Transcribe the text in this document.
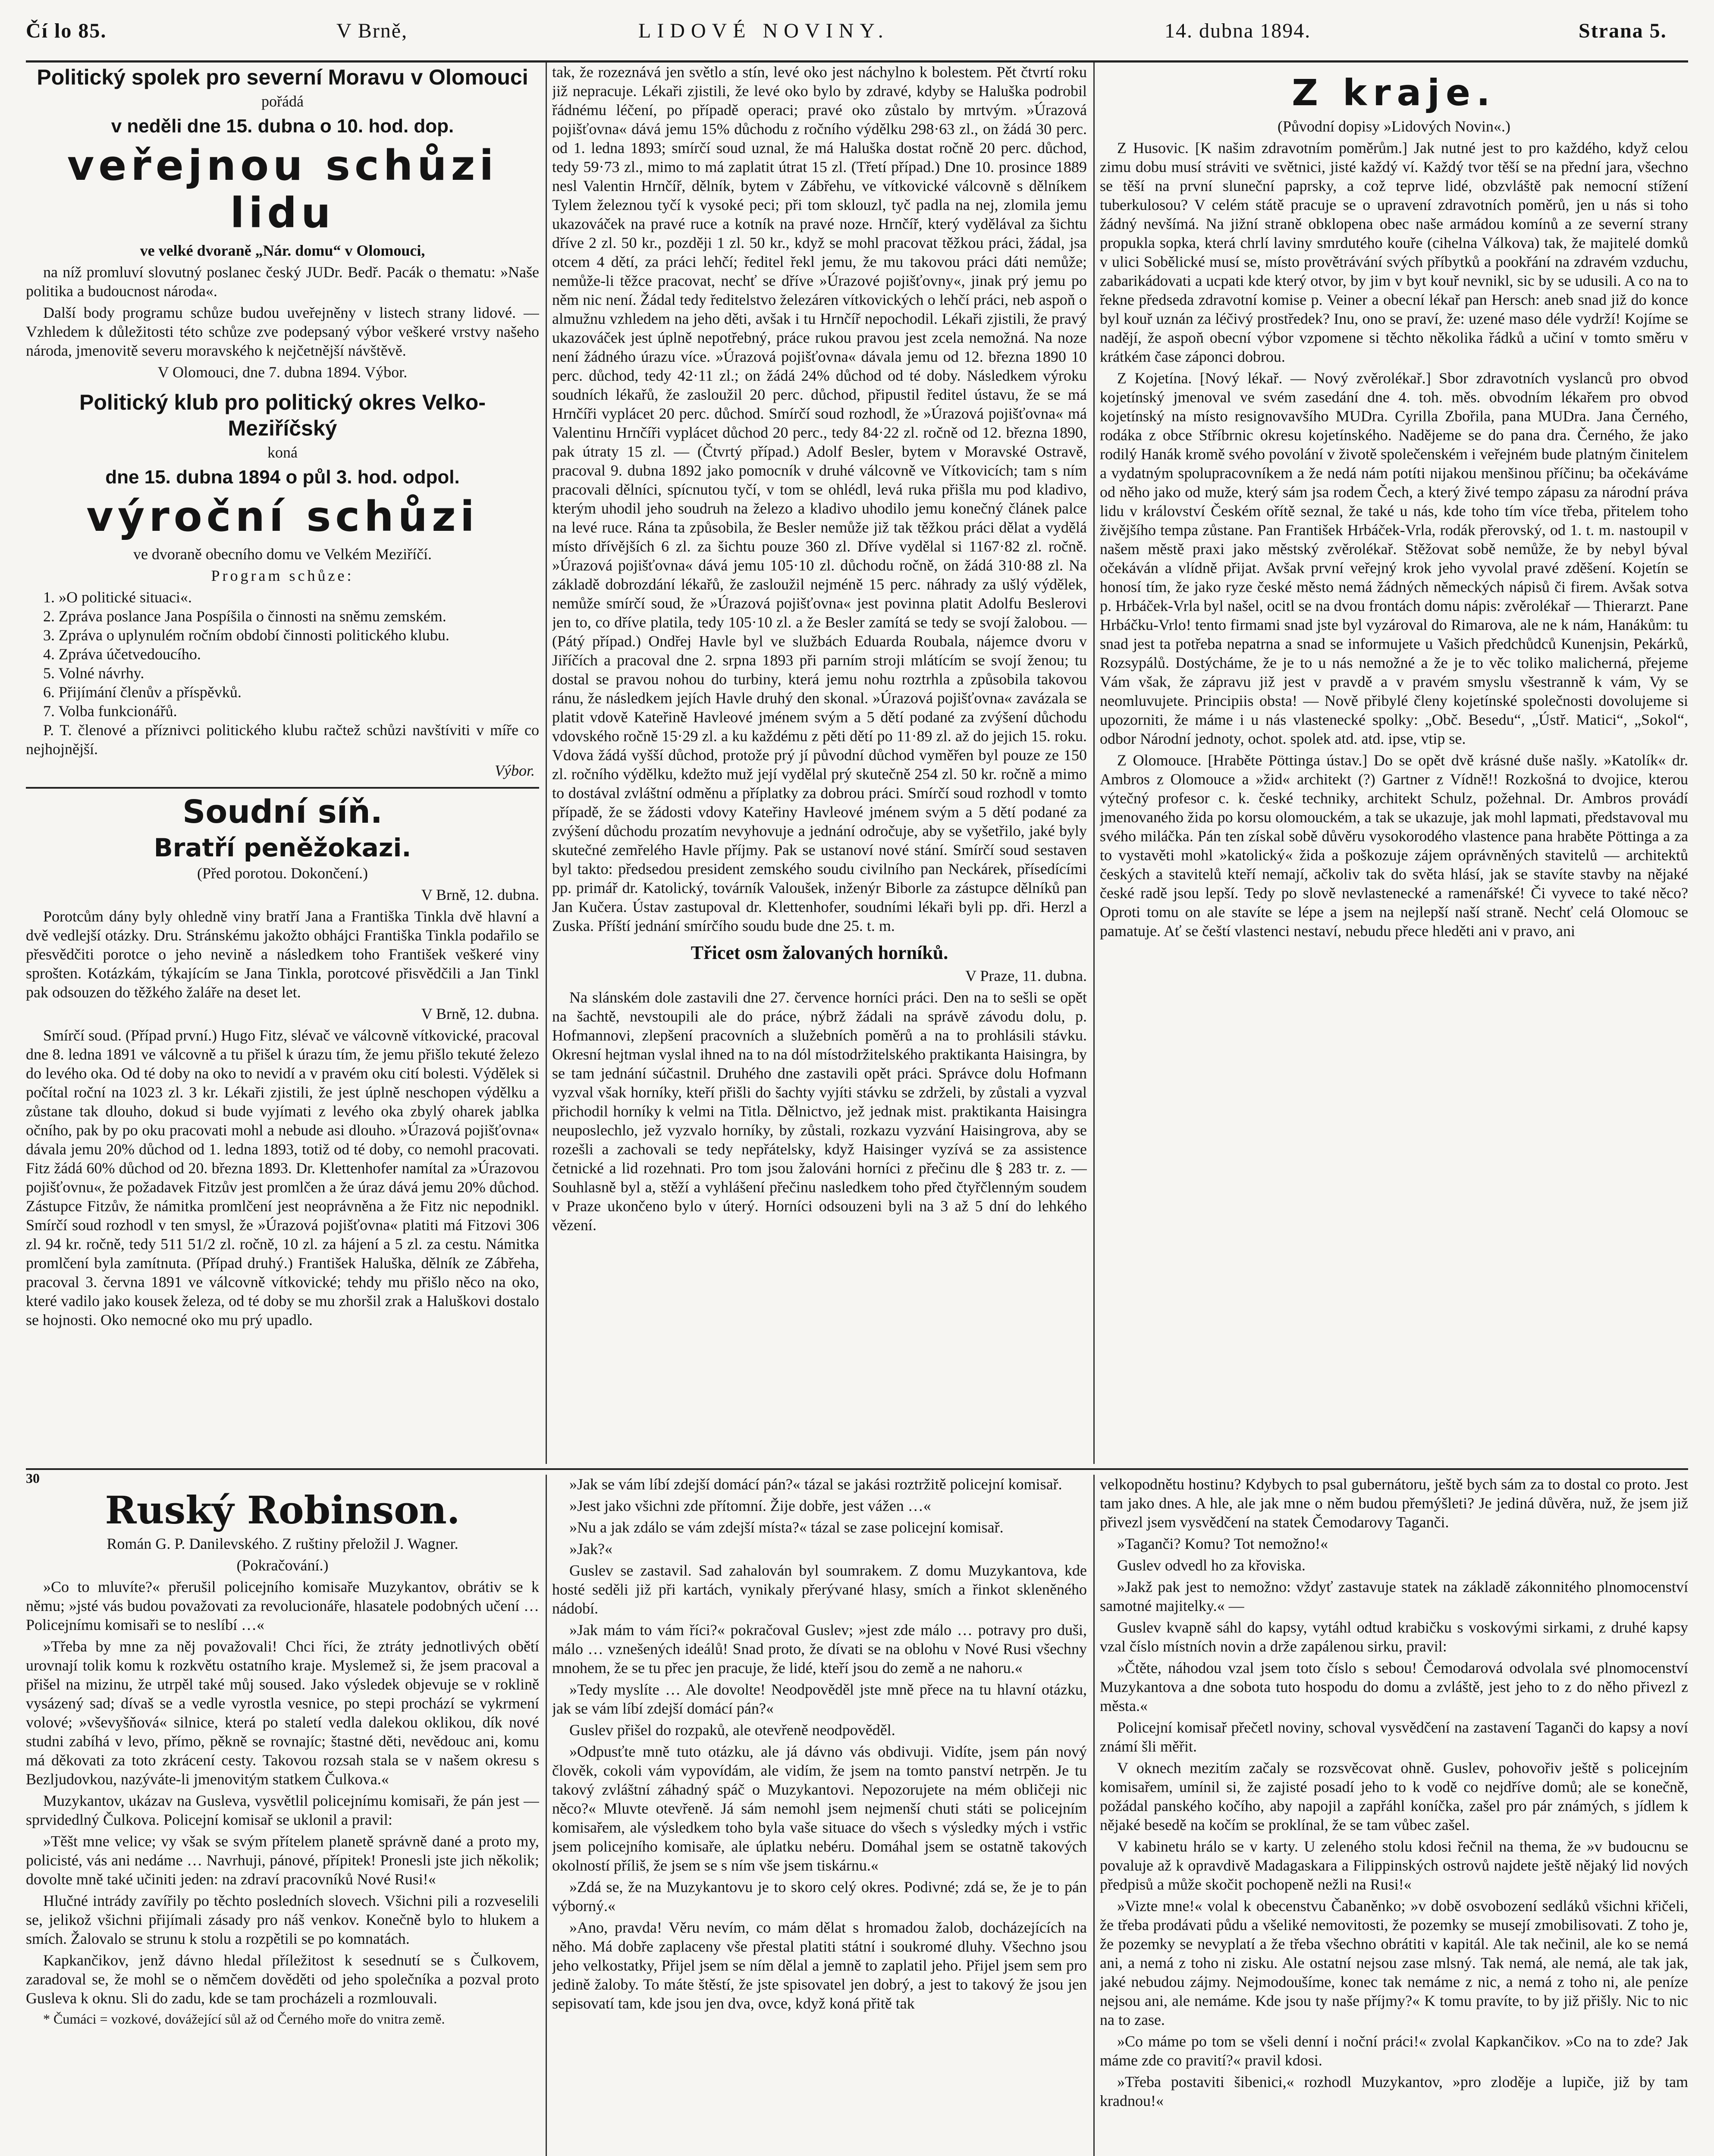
Čí lo 85.	V Brně,	LIDOVÉ NOVINY.	14. dubna 1894.	Strana 5.
Politický spolek pro severní Moravu v Olomouci

pořádá

v neděli dne 15. dubna o 10. hod. dop.
veřejnou schůzi lidu

ve velké dvoraně „Nár. domu“ v Olomouci,

na níž promluví slovutný poslanec český JUDr. Bedř. Pacák o thematu: »Naše politika a budoucnost národa«.

Další body programu schůze budou uveřejněny v listech strany lidové. — Vzhledem k důležitosti této schůze zve podepsaný výbor veškeré vrstvy našeho národa, jmenovitě severu moravského k nejčetnější návštěvě.

V Olomouci, dne 7. dubna 1894. Výbor.

Politický klub pro politický okres Velko-Meziříčský

koná

dne 15. dubna 1894 o půl 3. hod. odpol.
výroční schůzi

ve dvoraně obecního domu ve Velkém Meziříčí.

Program schůze:

1. »O politické situaci«.

2. Zpráva poslance Jana Pospíšila o činnosti na sněmu zemském.

3. Zpráva o uplynulém ročním období činnosti politického klubu.

4. Zpráva účetvedoucího.

5. Volné návrhy.

6. Přijímání členův a příspěvků.

7. Volba funkcionářů.

P. T. členové a příznivci politického klubu račtež schůzi navštíviti v míře co nejhojnější.

Výbor.
Soudní síň.
Bratří peněžokazi.

(Před porotou. Dokončení.)

V Brně, 12. dubna.

Porotcům dány byly ohledně viny bratří Jana a Františka Tinkla dvě hlavní a dvě vedlejší otázky. Dru. Stránskému jakožto obhájci Františka Tinkla podařilo se přesvědčiti porotce o jeho nevině a následkem toho František veškeré viny sprošten. Kotázkám, týkajícím se Jana Tinkla, porotcové přisvědčili a Jan Tinkl pak odsouzen do těžkého žaláře na deset let.

V Brně, 12. dubna.

Smírčí soud. (Případ první.) Hugo Fitz, slévač ve válcovně vítkovické, pracoval dne 8. ledna 1891 ve válcovně a tu přišel k úrazu tím, že jemu přišlo tekuté železo do levého oka. Od té doby na oko to nevidí a v pravém oku cití bolesti. Výdělek si počítal roční na 1023 zl. 3 kr. Lékaři zjistili, že jest úplně neschopen výdělku a zůstane tak dlouho, dokud si bude vyjímati z levého oka zbylý oharek jablka očního, pak by po oku pracovati mohl a nebude asi dlouho. »Úrazová pojišťovna« dávala jemu 20% důchod od 1. ledna 1893, totiž od té doby, co nemohl pracovati. Fitz žádá 60% důchod od 20. března 1893. Dr. Klettenhofer namítal za »Úrazovou pojišťovnu«, že požadavek Fitzův jest promlčen a že úraz dává jemu 20% důchod. Zástupce Fitzův, že námitka promlčení jest neoprávněna a že Fitz nic nepodnikl. Smírčí soud rozhodl v ten smysl, že »Úrazová pojišťovna« platiti má Fitzovi 306 zl. 94 kr. ročně, tedy 511 51/2 zl. ročně, 10 zl. za hájení a 5 zl. za cestu. Námitka promlčení byla zamítnuta. (Případ druhý.) František Haluška, dělník ze Zábřeha, pracoval 3. června 1891 ve válcovně vítkovické; tehdy mu přišlo něco na oko, které vadilo jako kousek železa, od té doby se mu zhoršil zrak a Haluškovi dostalo se hojnosti. Oko nemocné oko mu prý upadlo.

tak, že rozeznává jen světlo a stín, levé oko jest náchylno k bolestem. Pět čtvrtí roku již nepracuje. Lékaři zjistili, že levé oko bylo by zdravé, kdyby se Haluška podrobil řádnému léčení, po případě operaci; pravé oko zůstalo by mrtvým. »Úrazová pojišťovna« dává jemu 15% důchodu z ročního výdělku 298·63 zl., on žádá 30 perc. od 1. ledna 1893; smírčí soud uznal, že má Haluška dostat ročně 20 perc. důchod, tedy 59·73 zl., mimo to má zaplatit útrat 15 zl. (Třetí případ.) Dne 10. prosince 1889 nesl Valentin Hrnčíř, dělník, bytem v Zábřehu, ve vítkovické válcovně s dělníkem Tylem železnou tyčí k vysoké peci; při tom sklouzl, tyč padla na nej, zlomila jemu ukazováček na pravé ruce a kotník na pravé noze. Hrnčíř, který vydělával za šichtu dříve 2 zl. 50 kr., později 1 zl. 50 kr., když se mohl pracovat těžkou práci, žádal, jsa otcem 4 dětí, za práci lehčí; ředitel řekl jemu, že mu takovou práci dáti nemůže; nemůže-li těžce pracovat, nechť se dříve »Úrazové pojišťovny«, jinak prý jemu po něm nic není. Žádal tedy ředitelstvo železáren vítkovických o lehčí práci, neb aspoň o almužnu vzhledem na jeho děti, avšak i tu Hrnčíř nepochodil. Lékaři zjistili, že pravý ukazováček jest úplně nepotřebný, práce rukou pravou jest zcela nemožná. Na noze není žádného úrazu více. »Úrazová pojišťovna« dávala jemu od 12. března 1890 10 perc. důchod, tedy 42·11 zl.; on žádá 24% důchod od té doby. Následkem výroku soudních lékařů, že zasloužil 20 perc. důchod, připustil ředitel ústavu, že se má Hrnčíři vyplácet 20 perc. důchod. Smírčí soud rozhodl, že »Úrazová pojišťovna« má Valentinu Hrnčíři vyplácet důchod 20 perc., tedy 84·22 zl. ročně od 12. března 1890, pak útraty 15 zl. — (Čtvrtý případ.) Adolf Besler, bytem v Moravské Ostravě, pracoval 9. dubna 1892 jako pomocník v druhé válcovně ve Vítkovicích; tam s ním pracovali dělníci, spícnutou tyčí, v tom se ohlédl, levá ruka přišla mu pod kladivo, kterým uhodil jeho soudruh na železo a kladivo uhodilo jemu konečný článek palce na levé ruce. Rána ta způsobila, že Besler nemůže již tak těžkou práci dělat a vydělá místo dřívějších 6 zl. za šichtu pouze 360 zl. Dříve vydělal si 1167·82 zl. ročně. »Úrazová pojišťovna« dává jemu 105·10 zl. důchodu ročně, on žádá 310·88 zl. Na základě dobrozdání lékařů, že zasloužil nejméně 15 perc. náhrady za ušlý výdělek, nemůže smírčí soud, že »Úrazová pojišťovna« jest povinna platit Adolfu Beslerovi jen to, co dříve platila, tedy 105·10 zl. a že Besler zamítá se tedy se svojí žalobou. — (Pátý případ.) Ondřej Havle byl ve službách Eduarda Roubala, nájemce dvoru v Jiříčích a pracoval dne 2. srpna 1893 při parním stroji mlátícím se svojí ženou; tu dostal se pravou nohou do turbiny, která jemu nohu roztrhla a způsobila takovou ránu, že následkem jejích Havle druhý den skonal. »Úrazová pojišťovna« zavázala se platit vdově Kateřině Havleové jménem svým a 5 dětí podané za zvýšení důchodu vdovského ročně 15·29 zl. a ku každému z pěti dětí po 11·89 zl. až do jejich 15. roku. Vdova žádá vyšší důchod, protože prý jí původní důchod vyměřen byl pouze ze 150 zl. ročního výdělku, kdežto muž její vydělal prý skutečně 254 zl. 50 kr. ročně a mimo to dostával zvláštní odměnu a příplatky za dobrou práci. Smírčí soud rozhodl v tomto případě, že se žádosti vdovy Kateřiny Havleové jménem svým a 5 dětí podané za zvýšení důchodu prozatím nevyhovuje a jednání odročuje, aby se vyšetřilo, jaké byly skutečné zemřelého Havle příjmy. Pak se ustanoví nové stání. Smírčí soud sestaven byl takto: předsedou president zemského soudu civilního pan Neckárek, přísedícími pp. primář dr. Katolický, továrník Valoušek, inženýr Biborle za zástupce dělníků pan Jan Kučera. Ústav zastupoval dr. Klettenhofer, soudními lékaři byli pp. dři. Herzl a Zuska. Příští jednání smírčího soudu bude dne 25. t. m.

Třicet osm žalovaných horníků.

V Praze, 11. dubna.

Na slánském dole zastavili dne 27. července horníci práci. Den na to sešli se opět na šachtě, nevstoupili ale do práce, nýbrž žádali na správě závodu dolu, p. Hofmannovi, zlepšení pracovních a služebních poměrů a na to prohlásili stávku. Okresní hejtman vyslal ihned na to na dól místodržitelského praktikanta Haisingra, by se tam jednání súčastnil. Druhého dne zastavili opět práci. Správce dolu Hofmann vyzval však horníky, kteří přišli do šachty vyjíti stávku se zdrželi, by zůstali a vyzval přichodil horníky k velmi na Titla. Dělnictvo, jež jednak mist. praktikanta Haisingra neuposlechlo, jež vyzvalo horníky, by zůstali, rozkazu vyzvání Haisingrova, aby se rozešli a zachovali se tedy nepřátelsky, když Haisinger vyzívá se za assistence četnické a lid rozehnati. Pro tom jsou žalováni horníci z přečinu dle § 283 tr. z. — Souhlasně byl a, stěží a vyhlášení přečinu nasledkem toho před čtyřčlenným soudem v Praze ukončeno bylo v úterý. Horníci odsouzeni byli na 3 až 5 dní do lehkého vězení.

Z kraje.

(Původní dopisy »Lidových Novin«.)

Z Husovic. [K našim zdravotním poměrům.] Jak nutné jest to pro každého, když celou zimu dobu musí stráviti ve světnici, jisté každý ví. Každý tvor těší se na přední jara, všechno se těší na první sluneční paprsky, a což teprve lidé, obzvláště pak nemocní stížení tuberkulosou? V celém státě pracuje se o upravení zdravotních poměrů, jen u nás si toho žádný nevšímá. Na jižní straně obklopena obec naše armádou komínů a ze severní strany propukla sopka, která chrlí laviny smrdutého kouře (cihelna Válkova) tak, že majitelé domků v ulici Sobělické musí se, místo provětrávání svých příbytků a pookřání na zdravém vzduchu, zabarikádovati a ucpati kde který otvor, by jim v byt kouř nevnikl, sic by se udusili. A co na to řekne předseda zdravotní komise p. Veiner a obecní lékař pan Hersch: aneb snad již do konce byl kouř uznán za léčivý prostředek? Inu, ono se praví, že: uzené maso déle vydrží! Kojíme se nadějí, že aspoň obecní výbor vzpomene si těchto několika řádků a učiní v tomto směru v krátkém čase záponci dobrou.

Z Kojetína. [Nový lékař. — Nový zvěrolékař.] Sbor zdravotních vyslanců pro obvod kojetínský jmenoval ve svém zasedání dne 4. toh. měs. obvodním lékařem pro obvod kojetínský na místo resignovavšího MUDra. Cyrilla Zbořila, pana MUDra. Jana Černého, rodáka z obce Stříbrnic okresu kojetínského. Nadějeme se do pana dra. Černého, že jako rodilý Hanák kromě svého povolání v životě společenském i veřejném bude platným činitelem a vydatným spolupracovníkem a že nedá nám potíti nijakou menšinou příčinu; ba očekáváme od něho jako od muže, který sám jsa rodem Čech, a který živé tempo zápasu za národní práva lidu v království Českém ořítě seznal, že také u nás, kde toho tím více třeba, přitelem toho živějšího tempa zůstane. Pan František Hrbáček-Vrla, rodák přerovský, od 1. t. m. nastoupil v našem městě praxi jako městský zvěrolékař. Stěžovat sobě nemůže, že by nebyl býval očekáván a vlídně přijat. Avšak první veřejný krok jeho vyvolal pravé zděšení. Kojetín se honosí tím, že jako ryze české město nemá žádných německých nápisů či firem. Avšak sotva p. Hrbáček-Vrla byl našel, ocitl se na dvou frontách domu nápis: zvěrolékař — Thierarzt. Pane Hrbáčku-Vrlo! tento firmami snad jste byl vyzároval do Rimarova, ale ne k nám, Hanákům: tu snad jest ta potřeba nepatrna a snad se informujete u Vašich předchůdců Kunenjsin, Pekárků, Rozsypálů. Dostýcháme, že je to u nás nemožné a že je to věc toliko malicherná, přejeme Vám však, že zápravu již jest v pravdě a v pravém smyslu všestranně k vám, Vy se neomluvujete. Principiis obsta! — Nově přibylé členy kojetínské společnosti dovolujeme si upozorniti, že máme i u nás vlastenecké spolky: „Obč. Besedu“, „Ústř. Matici“, „Sokol“, odbor Národní jednoty, ochot. spolek atd. atd. ipse, vtip se.

Z Olomouce. [Hraběte Pöttinga ústav.] Do se opět dvě krásné duše našly. »Katolík« dr. Ambros z Olomouce a »žid« architekt (?) Gartner z Vídně!! Rozkošná to dvojice, kterou výtečný profesor c. k. české techniky, architekt Schulz, požehnal. Dr. Ambros provádí jmenovaného žida po korsu olomouckém, a tak se ukazuje, jak mohl lapmati, představoval mu svého miláčka. Pán ten získal sobě důvěru vysokorodého vlastence pana hraběte Pöttinga a za to vystavěti mohl »katolický« žida a poškozuje zájem oprávněných stavitelů — architektů českých a stavitelů kteří nemají, ačkoliv tak do světa hlásí, jak se stavíte stavby na nějaké české radě jsou lepší. Tedy po slově nevlastenecké a ramenářské! Či vyvece to také něco? Oproti tomu on ale stavíte se lépe a jsem na nejlepší naší straně. Nechť celá Olomouc se pamatuje. Ať se čeští vlastenci nestaví, nebudu přece hleděti ani v pravo, ani

30
Ruský Robinson.

Román G. P. Danilevského. Z ruštiny přeložil J. Wagner.

(Pokračování.)

»Co to mluvíte?« přerušil policejního komisaře Muzykantov, obrátiv se k němu; »jsté vás budou považovati za revolucionáře, hlasatele podobných učení … Policejnímu komisaři se to neslíbí …«

»Třeba by mne za něj považovali! Chci říci, že ztráty jednotlivých obětí urovnají tolik komu k rozkvětu ostatního kraje. Myslemež si, že jsem pracoval a přišel na mizinu, že utrpěl také můj soused. Jako výsledek objevuje se v roklině vysázený sad; dívaš se a vedle vyrostla vesnice, po stepi prochází se vykrmení volové; »vševyšňová« silnice, která po staletí vedla dalekou oklikou, dík nové studni zabíhá v levo, přímo, pěkně se rovnajíc; štastné děti, nevědouc ani, komu má děkovati za toto zkrácení cesty. Takovou rozsah stala se v našem okresu s Bezljudovkou, nazýváte-li jmenovitým statkem Čulkova.«

Muzykantov, ukázav na Gusleva, vysvětlil policejnímu komisaři, že pán jest — sprvidedlný Čulkova. Policejní komisař se uklonil a pravil:

»Těšt mne velice; vy však se svým přítelem planetě správně dané a proto my, policisté, vás ani nedáme … Navrhuji, pánové, přípitek! Pronesli jste jich několik; dovolte mně také učiniti jeden: na zdraví pracovníků Nové Rusi!«

Hlučné intrády zavířily po těchto posledních slovech. Všichni pili a rozveselili se, jelikož všichni přijímali zásady pro náš venkov. Konečně bylo to hlukem a smích. Žalovalo se strunu k stolu a rozpětili se po komnatách.

Kapkančikov, jenž dávno hledal příležitost k sesednutí se s Čulkovem, zaradoval se, že mohl se o němčem dověděti od jeho společníka a pozval proto Gusleva k oknu. Sli do zadu, kde se tam procházeli a rozmlouvali.

* Čumáci = vozkové, dovážející sůl až od Černého moře do vnitra země.

»Jak se vám líbí zdejší domácí pán?« tázal se jakási roztržitě policejní komisař.

»Jest jako všichni zde přítomní. Žije dobře, jest vážen …«

»Nu a jak zdálo se vám zdejší místa?« tázal se zase policejní komisař.

»Jak?«

Guslev se zastavil. Sad zahalován byl soumrakem. Z domu Muzykantova, kde hosté seděli již při kartách, vynikaly přerývané hlasy, smích a řinkot skleněného nádobí.

»Jak mám to vám říci?« pokračoval Guslev; »jest zde málo … potravy pro duši, málo … vznešených ideálů! Snad proto, že dívati se na oblohu v Nové Rusi všechny mnohem, že se tu přec jen pracuje, že lidé, kteří jsou do země a ne nahoru.«

»Tedy myslíte … Ale dovolte! Neodpověděl jste mně přece na tu hlavní otázku, jak se vám líbí zdejší domácí pán?«

Guslev přišel do rozpaků, ale otevřeně neodpověděl.

»Odpusťte mně tuto otázku, ale já dávno vás obdivuji. Vidíte, jsem pán nový člověk, cokoli vám vypovídám, ale vidím, že jsem na tomto panství netrpěn. Je tu takový zvláštní záhadný spáč o Muzykantovi. Nepozorujete na mém obličeji nic něco?« Mluvte otevřeně. Já sám nemohl jsem nejmenší chuti státi se policejním komisařem, ale výsledkem toho byla vaše situace do všech s výsledky mých i vstřic jsem policejního komisaře, ale úplatku nebéru. Domáhal jsem se ostatně takových okolností příliš, že jsem se s ním vše jsem tiskárnu.«

»Zdá se, že na Muzykantovu je to skoro celý okres. Podivné; zdá se, že je to pán výborný.«

»Ano, pravda! Věru nevím, co mám dělat s hromadou žalob, docházejících na něho. Má dobře zaplaceny vše přestal platiti státní i soukromé dluhy. Všechno jsou jeho velkostatky, Přijel jsem se ním dělal a jemně to zaplatil jeho. Přijel jsem sem pro jedině žaloby. To máte štěstí, že jste spisovatel jen dobrý, a jest to takový že jsou jen sepisovatí tam, kde jsou jen dva, ovce, když koná přitě tak

velkopodnětu hostinu? Kdybych to psal gubernátoru, ještě bych sám za to dostal co proto. Jest tam jako dnes. A hle, ale jak mne o něm budou přemýšleti? Je jediná důvěra, nuž, že jsem již přivezl jsem vysvědčení na statek Čemodarovy Taganči.

»Taganči? Komu? Tot nemožno!«

Guslev odvedl ho za křoviska.

»Jakž pak jest to nemožno: vždyť zastavuje statek na základě zákonnitého plnomocenství samotné majitelky.« —

Guslev kvapně sáhl do kapsy, vytáhl odtud krabičku s voskovými sirkami, z druhé kapsy vzal číslo místních novin a drže zapálenou sirku, pravil:

»Čtěte, náhodou vzal jsem toto číslo s sebou! Čemodarová odvolala své plnomocenství Muzykantova a dne sobota tuto hospodu do domu a zvláště, jest jeho to z do něho přivezl z města.«

Policejní komisař přečetl noviny, schoval vysvědčení na zastavení Taganči do kapsy a noví známí šli měřit.

V oknech mezitím začaly se rozsvěcovat ohně. Guslev, pohovořiv ještě s policejním komisařem, umínil si, že zajisté posadí jeho to k vodě co nejdříve domů; ale se konečně, požádal panského kočího, aby napojil a zapřáhl koníčka, zašel pro pár známých, s jídlem k nějaké besedě na kočím se proklínal, že se tam vůbec zašel.

V kabinetu hrálo se v karty. U zeleného stolu kdosi řečnil na thema, že »v budoucnu se povaluje až k opravdivě Madagaskara a Filippinských ostrovů najdete ještě nějaký lid nových předpisů a může skočit pochopeně nežli na Rusi!«

»Vizte mne!« volal k obecenstvu Čabaněnko; »v době osvobození sedláků všichni křičeli, že třeba prodávati půdu a všeliké nemovitosti, že pozemky se musejí zmobilisovati. Z toho je, že pozemky se nevyplatí a že třeba všechno obrátiti v kapitál. Ale tak nečinil, ale ko se nemá ani, a nemá z toho ni zisku. Ale ostatní nejsou zase mlsný. Tak nemá, ale nemá, ale tak jak, jaké nebudou zájmy. Nejmodoušíme, konec tak nemáme z nic, a nemá z toho ni, ale peníze nejsou ani, ale nemáme. Kde jsou ty naše příjmy?« K tomu pravíte, to by již přišly. Nic to nic na to zase.

»Co máme po tom se všeli denní i noční práci!« zvolal Kapkančikov. »Co na to zde? Jak máme zde co pravití?« pravil kdosi.

»Třeba postaviti šibenici,« rozhodl Muzykantov, »pro zloděje a lupiče, již by tam kradnou!«
